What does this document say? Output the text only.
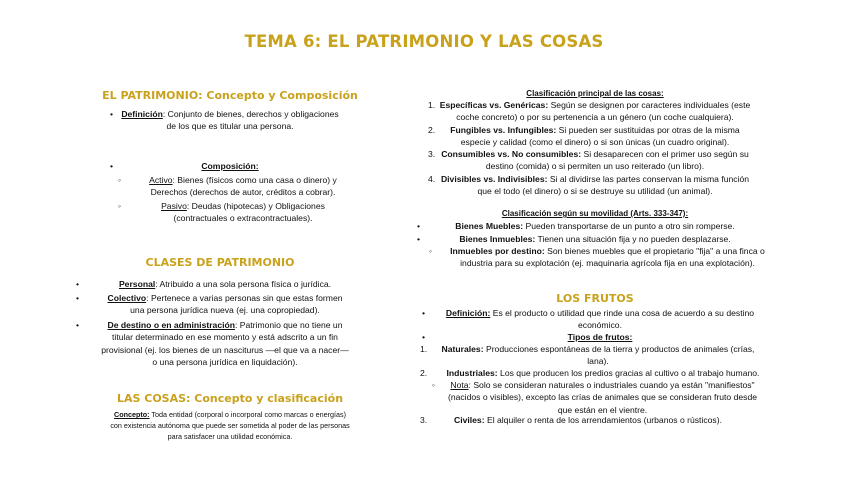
TEMA 6: EL PATRIMONIO Y LAS COSAS
EL PATRIMONIO: Concepto y Composición
• Definición: Conjunto de bienes, derechos y obligaciones
de los que es titular una persona.
•	Composición:
◦	Activo: Bienes (físicos como una casa o dinero) y
Derechos (derechos de autor, créditos a cobrar).
◦	Pasivo: Deudas (hipotecas) y Obligaciones
(contractuales o extracontractuales).
CLASES DE PATRIMONIO
•	Personal: Atribuido a una sola persona física o jurídica.
•	Colectivo: Pertenece a varias personas sin que estas formen
una persona jurídica nueva (ej. una copropiedad).
•	De destino o en administración: Patrimonio que no tiene un
titular determinado en ese momento y está adscrito a un fin
provisional (ej. los bienes de un nasciturus —el que va a nacer—
o una persona jurídica en liquidación).
LAS COSAS: Concepto y clasificación
Concepto: Toda entidad (corporal o incorporal como marcas o energías)
con existencia autónoma que puede ser sometida al poder de las personas
para satisfacer una utilidad económica.
Clasificación principal de las cosas:
1. Específicas vs. Genéricas: Según se designen por caracteres individuales (este
coche concreto) o por su pertenencia a un género (un coche cualquiera).
2.	Fungibles vs. Infungibles: Si pueden ser sustituidas por otras de la misma
especie y calidad (como el dinero) o si son únicas (un cuadro original).
3. Consumibles vs. No consumibles: Si desaparecen con el primer uso según su
destino (comida) o si permiten un uso reiterado (un libro).
4. Divisibles vs. Indivisibles: Si al dividirse las partes conservan la misma función
que el todo (el dinero) o si se destruye su utilidad (un animal).
Clasificación según su movilidad (Arts. 333-347):
•	Bienes Muebles: Pueden transportarse de un punto a otro sin romperse.
•	Bienes Inmuebles: Tienen una situación fija y no pueden desplazarse.
◦	Inmuebles por destino: Son bienes muebles que el propietario "fija" a una finca o
industria para su explotación (ej. maquinaria agrícola fija en una explotación).
LOS FRUTOS
•	Definición: Es el producto o utilidad que rinde una cosa de acuerdo a su destino
económico.
•	Tipos de frutos:
1.	Naturales: Producciones espontáneas de la tierra y productos de animales (crías,
lana).
2.	Industriales: Los que producen los predios gracias al cultivo o al trabajo humano.
◦	Nota: Solo se consideran naturales o industriales cuando ya están "manifiestos"
(nacidos o visibles), excepto las crías de animales que se consideran fruto desde
que están en el vientre.
3.	Civiles: El alquiler o renta de los arrendamientos (urbanos o rústicos).
